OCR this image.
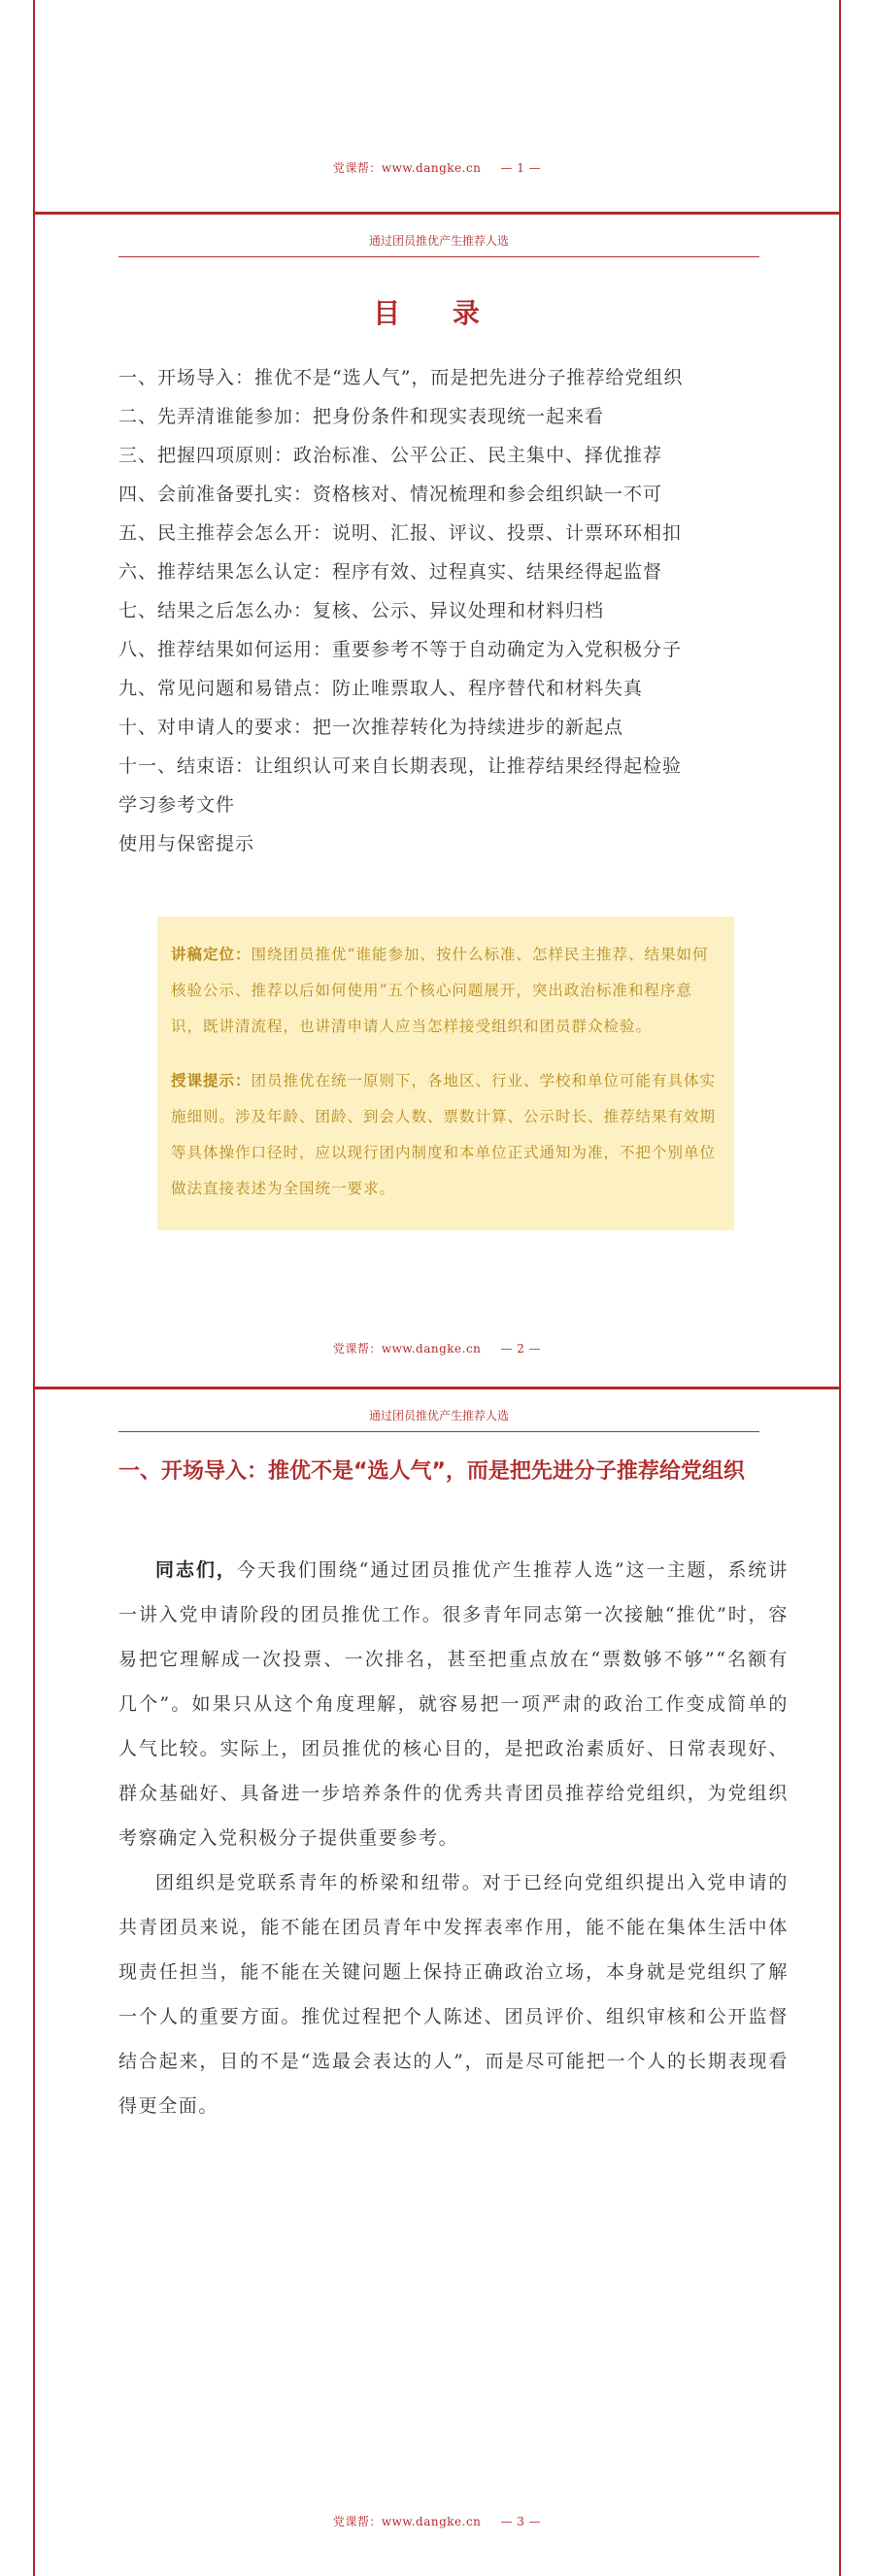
党课帮：www.dangke.cn — 1 —
通过团员推优产生推荐人选
目 录
一、开场导入：推优不是“选人气”，而是把先进分子推荐给党组织
二、先弄清谁能参加：把身份条件和现实表现统一起来看
三、把握四项原则：政治标准、公平公正、民主集中、择优推荐
四、会前准备要扎实：资格核对、情况梳理和参会组织缺一不可
五、民主推荐会怎么开：说明、汇报、评议、投票、计票环环相扣
六、推荐结果怎么认定：程序有效、过程真实、结果经得起监督
七、结果之后怎么办：复核、公示、异议处理和材料归档
八、推荐结果如何运用：重要参考不等于自动确定为入党积极分子
九、常见问题和易错点：防止唯票取人、程序替代和材料失真
十、对申请人的要求：把一次推荐转化为持续进步的新起点
十一、结束语：让组织认可来自长期表现，让推荐结果经得起检验
学习参考文件
使用与保密提示

讲稿定位：围绕团员推优“谁能参加、按什么标准、怎样民主推荐、结果如何核验公示、推荐以后如何使用”五个核心问题展开，突出政治标准和程序意识，既讲清流程，也讲清申请人应当怎样接受组织和团员群众检验。

授课提示：团员推优在统一原则下，各地区、行业、学校和单位可能有具体实施细则。涉及年龄、团龄、到会人数、票数计算、公示时长、推荐结果有效期等具体操作口径时，应以现行团内制度和本单位正式通知为准，不把个别单位做法直接表述为全国统一要求。

党课帮：www.dangke.cn — 2 —
通过团员推优产生推荐人选
一、开场导入：推优不是“选人气”，而是把先进分子推荐给党组织

同志们，今天我们围绕“通过团员推优产生推荐人选”这一主题，系统讲一讲入党申请阶段的团员推优工作。很多青年同志第一次接触“推优”时，容易把它理解成一次投票、一次排名，甚至把重点放在“票数够不够”“名额有几个”。如果只从这个角度理解，就容易把一项严肃的政治工作变成简单的人气比较。实际上，团员推优的核心目的，是把政治素质好、日常表现好、群众基础好、具备进一步培养条件的优秀共青团员推荐给党组织，为党组织考察确定入党积极分子提供重要参考。

团组织是党联系青年的桥梁和纽带。对于已经向党组织提出入党申请的共青团员来说，能不能在团员青年中发挥表率作用，能不能在集体生活中体现责任担当，能不能在关键问题上保持正确政治立场，本身就是党组织了解一个人的重要方面。推优过程把个人陈述、团员评价、组织审核和公开监督结合起来，目的不是“选最会表达的人”，而是尽可能把一个人的长期表现看得更全面。

党课帮：www.dangke.cn — 3 —
